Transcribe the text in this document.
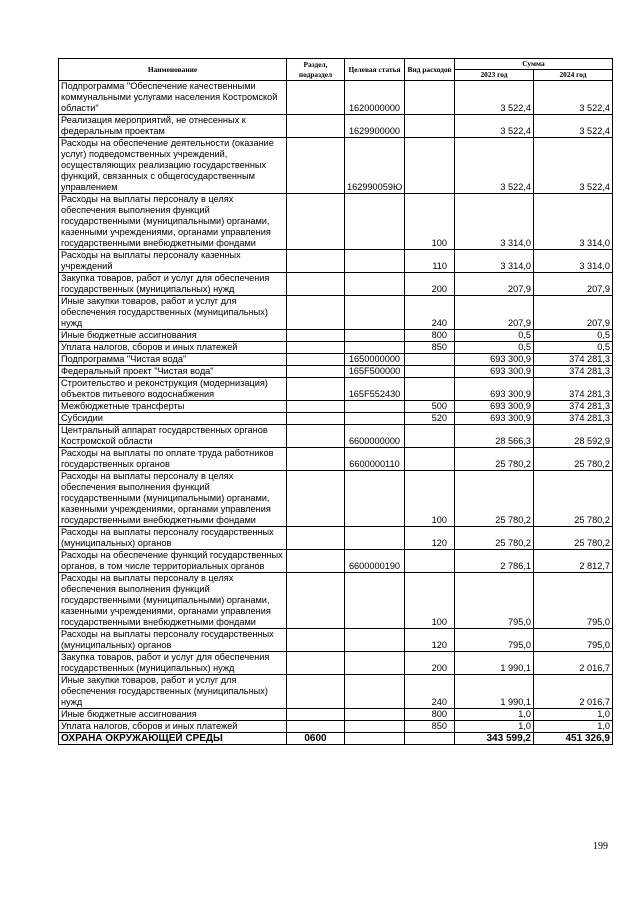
Наименование	Раздел, подраздел	Целевая статья	Вид расходов	Сумма	
				2023 год	2024 год
Подпрограмма "Обеспечение качественными коммунальными услугами населения Костромской области"		1620000000		3 522,4	3 522,4
Реализация мероприятий, не отнесенных к федеральным проектам		1629900000		3 522,4	3 522,4
Расходы на обеспечение деятельности (оказание услуг) подведомственных учреждений, осуществляющих реализацию государственных функций, связанных с общегосударственным управлением		162990059Ю		3 522,4	3 522,4
Расходы на выплаты персоналу в целях обеспечения выполнения функций государственными (муниципальными) органами, казенными учреждениями, органами управления государственными внебюджетными фондами			100	3 314,0	3 314,0
Расходы на выплаты персоналу казенных учреждений			110	3 314,0	3 314,0
Закупка товаров, работ и услуг для обеспечения государственных (муниципальных) нужд			200	207,9	207,9
Иные закупки товаров, работ и услуг для обеспечения государственных (муниципальных) нужд			240	207,9	207,9
Иные бюджетные ассигнования			800	0,5	0,5
Уплата налогов, сборов и иных платежей			850	0,5	0,5
Подпрограмма "Чистая вода"		1650000000		693 300,9	374 281,3
Федеральный проект "Чистая вода"		165F500000		693 300,9	374 281,3
Строительство и реконструкция (модернизация) объектов питьевого водоснабжения		165F552430		693 300,9	374 281,3
Межбюджетные трансферты			500	693 300,9	374 281,3
Субсидии			520	693 300,9	374 281,3
Центральный аппарат государственных органов Костромской области		6600000000		28 566,3	28 592,9
Расходы на выплаты по оплате труда работников государственных органов		6600000110		25 780,2	25 780,2
Расходы на выплаты персоналу в целях обеспечения выполнения функций государственными (муниципальными) органами, казенными учреждениями, органами управления государственными внебюджетными фондами			100	25 780,2	25 780,2
Расходы на выплаты персоналу государственных (муниципальных) органов			120	25 780,2	25 780,2
Расходы на обеспечение функций государственных органов, в том числе территориальных органов		6600000190		2 786,1	2 812,7
Расходы на выплаты персоналу в целях обеспечения выполнения функций государственными (муниципальными) органами, казенными учреждениями, органами управления государственными внебюджетными фондами			100	795,0	795,0
Расходы на выплаты персоналу государственных (муниципальных) органов			120	795,0	795,0
Закупка товаров, работ и услуг для обеспечения государственных (муниципальных) нужд			200	1 990,1	2 016,7
Иные закупки товаров, работ и услуг для обеспечения государственных (муниципальных) нужд			240	1 990,1	2 016,7
Иные бюджетные ассигнования			800	1,0	1,0
Уплата налогов, сборов и иных платежей			850	1,0	1,0
ОХРАНА ОКРУЖАЮЩЕЙ СРЕДЫ	0600			343 599,2	451 326,9
199
